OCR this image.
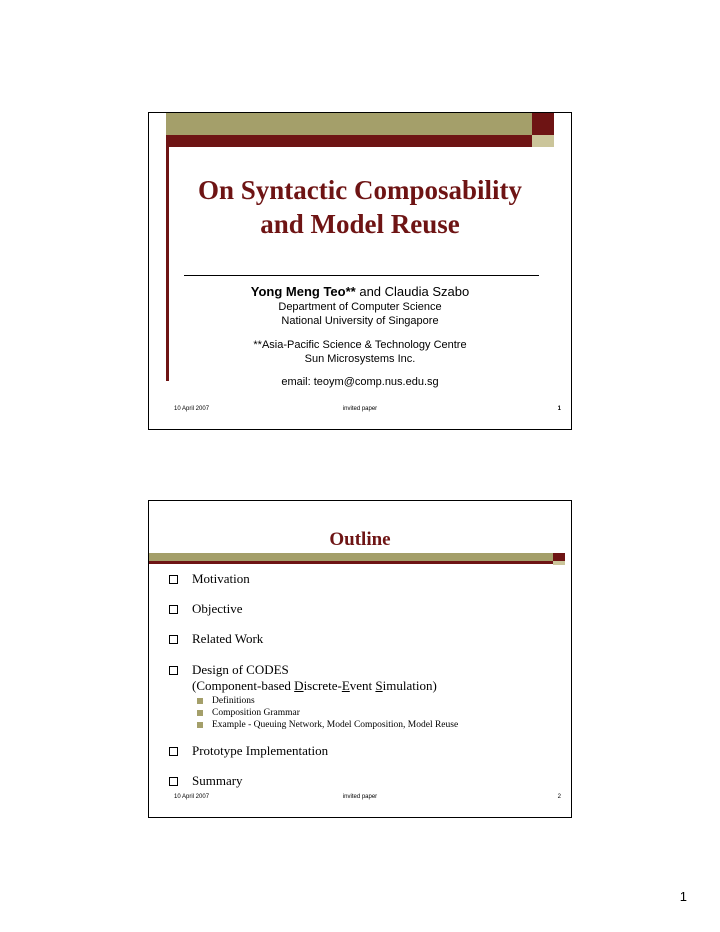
On Syntactic Composability
and Model Reuse
Yong Meng Teo** and Claudia Szabo
Department of Computer Science
National University of Singapore
**Asia-Pacific Science & Technology Centre
Sun Microsystems Inc.
email: teoym@comp.nus.edu.sg
10 April 2007	invited paper	1
Outline
Motivation
Objective
Related Work
Design of CODES
(Component-based Discrete-Event Simulation)
Definitions
Composition Grammar
Example - Queuing Network, Model Composition, Model Reuse
Prototype Implementation
Summary
10 April 2007	invited paper	2
1
